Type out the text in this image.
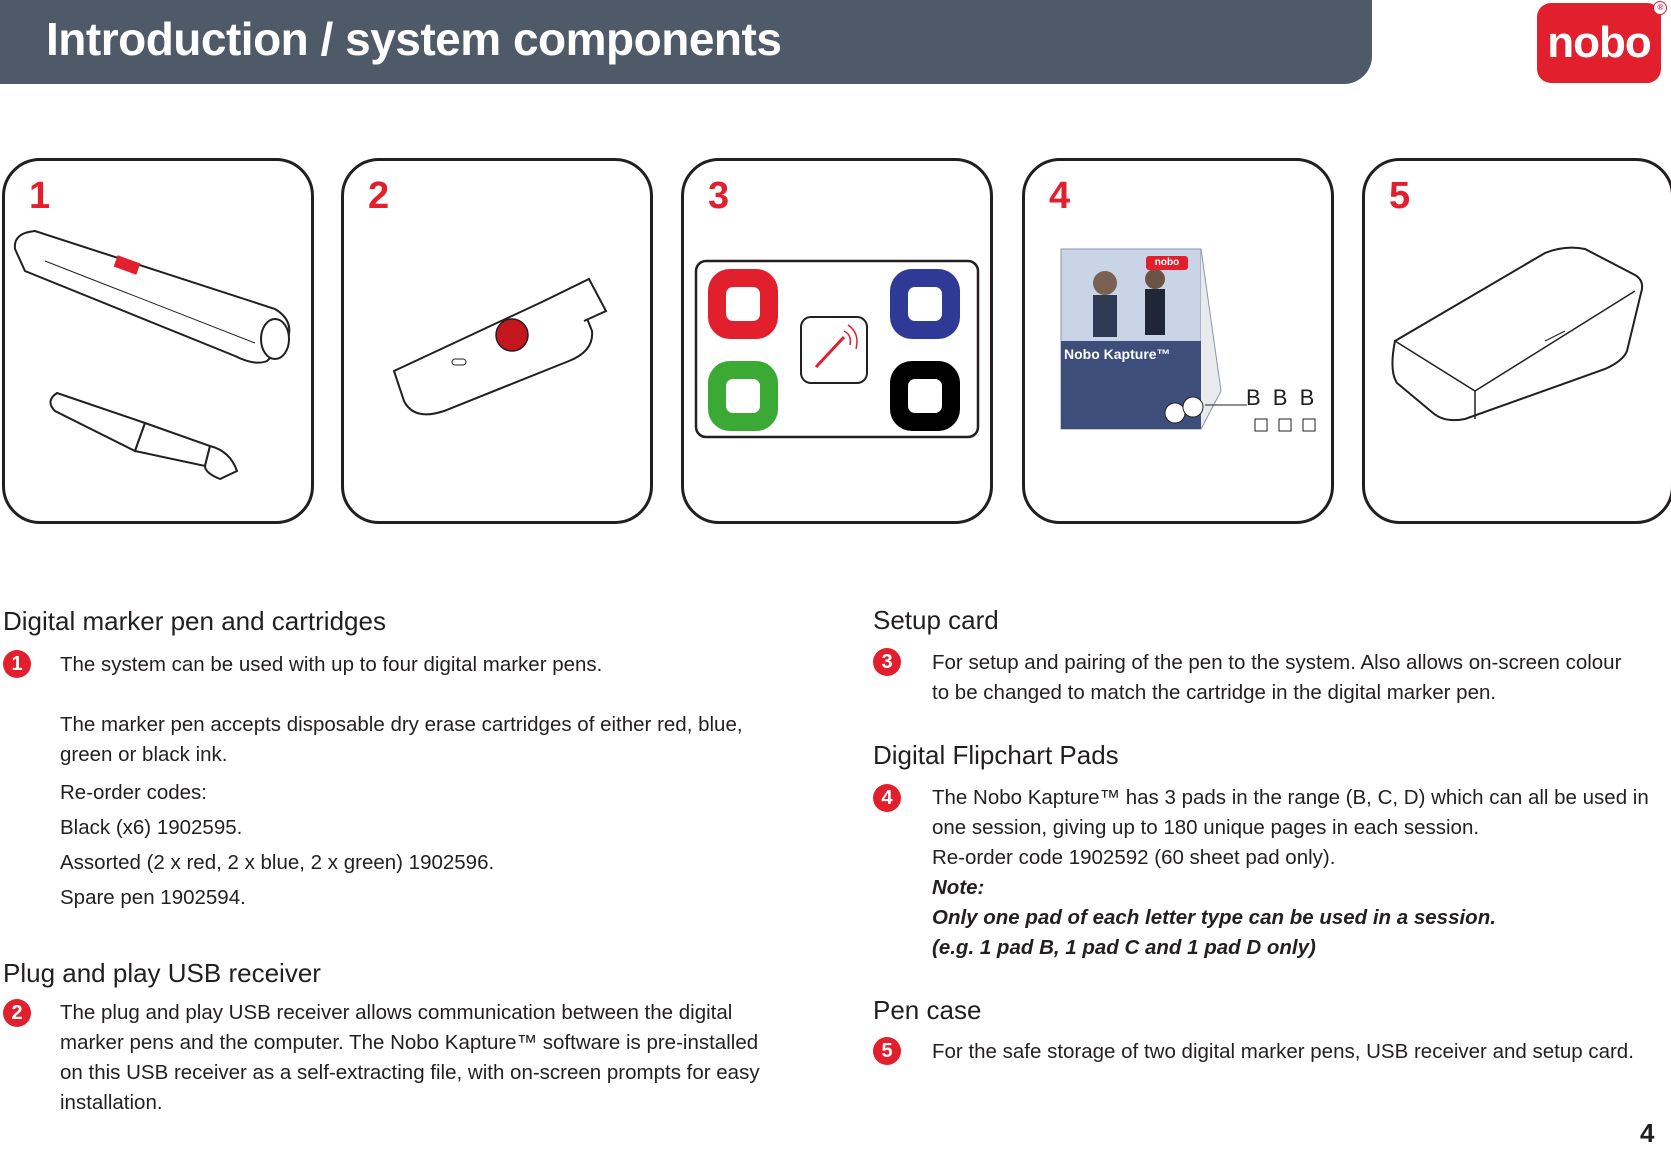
Introduction / system components	nobo
®
1	2	3	4
nobo
Nobo Kapture™
B B B
5
Digital marker pen and cartridges
1	The system can be used with up to four digital marker pens.

The marker pen accepts disposable dry erase cartridges of either red, blue,

green or black ink.

Re-order codes:

Black (x6) 1902595.

Assorted (2 x red, 2 x blue, 2 x green) 1902596.

Spare pen 1902594.

Plug and play USB receiver
2	The plug and play USB receiver allows communication between the digital

marker pens and the computer. The Nobo Kapture™ software is pre-installed

on this USB receiver as a self-extracting file, with on-screen prompts for easy

installation.

Setup card
3	For setup and pairing of the pen to the system. Also allows on-screen colour

to be changed to match the cartridge in the digital marker pen.

Digital Flipchart Pads
4	The Nobo Kapture™ has 3 pads in the range (B, C, D) which can all be used in

one session, giving up to 180 unique pages in each session.

Re-order code 1902592 (60 sheet pad only).

Note:

Only one pad of each letter type can be used in a session.

(e.g. 1 pad B, 1 pad C and 1 pad D only)

Pen case
5	For the safe storage of two digital marker pens, USB receiver and setup card.

4
